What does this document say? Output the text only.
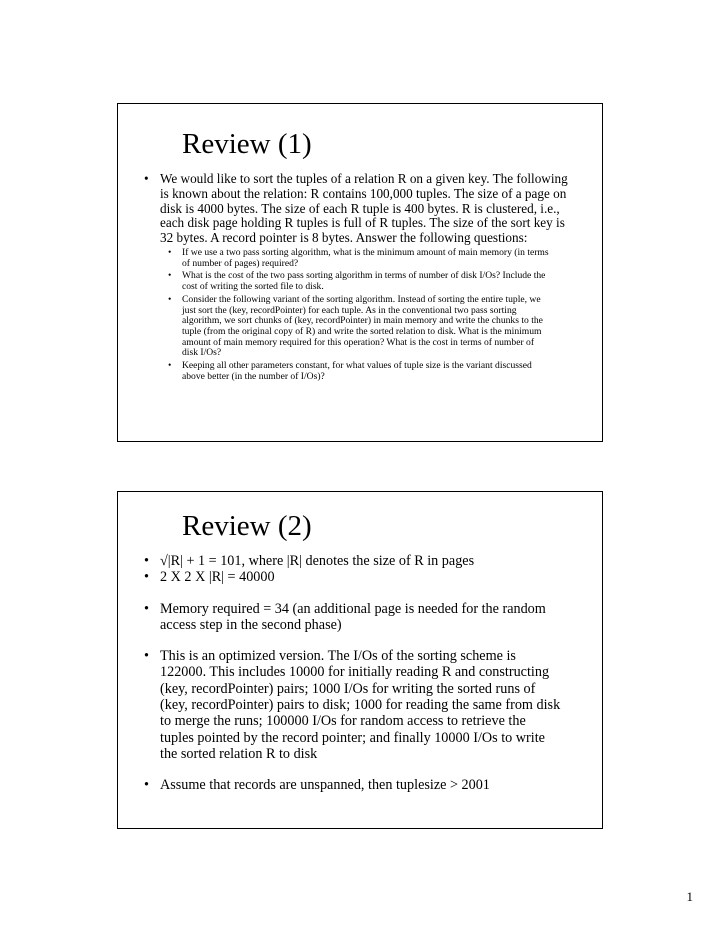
Review (1)
• We would like to sort the tuples of a relation R on a given key. The following is known about the relation: R contains 100,000 tuples. The size of a page on disk is 4000 bytes. The size of each R tuple is 400 bytes. R is clustered, i.e., each disk page holding R tuples is full of R tuples. The size of the sort key is 32 bytes. A record pointer is 8 bytes. Answer the following questions:
• If we use a two pass sorting algorithm, what is the minimum amount of main memory (in terms of number of pages) required?
• What is the cost of the two pass sorting algorithm in terms of number of disk I/Os? Include the cost of writing the sorted file to disk.
• Consider the following variant of the sorting algorithm. Instead of sorting the entire tuple, we just sort the (key, recordPointer) for each tuple. As in the conventional two pass sorting algorithm, we sort chunks of (key, recordPointer) in main memory and write the chunks to the tuple (from the original copy of R) and write the sorted relation to disk. What is the minimum amount of main memory required for this operation? What is the cost in terms of number of disk I/Os?
• Keeping all other parameters constant, for what values of tuple size is the variant discussed above better (in the number of I/Os)?
Review (2)
• √|R| + 1 = 101, where |R| denotes the size of R in pages
• 2 X 2 X |R| = 40000
• Memory required = 34 (an additional page is needed for the random access step in the second phase)
• This is an optimized version. The I/Os of the sorting scheme is 122000. This includes 10000 for initially reading R and constructing (key, recordPointer) pairs; 1000 I/Os for writing the sorted runs of (key, recordPointer) pairs to disk; 1000 for reading the same from disk to merge the runs; 100000 I/Os for random access to retrieve the tuples pointed by the record pointer; and finally 10000 I/Os to write the sorted relation R to disk
• Assume that records are unspanned, then tuplesize > 2001
1
